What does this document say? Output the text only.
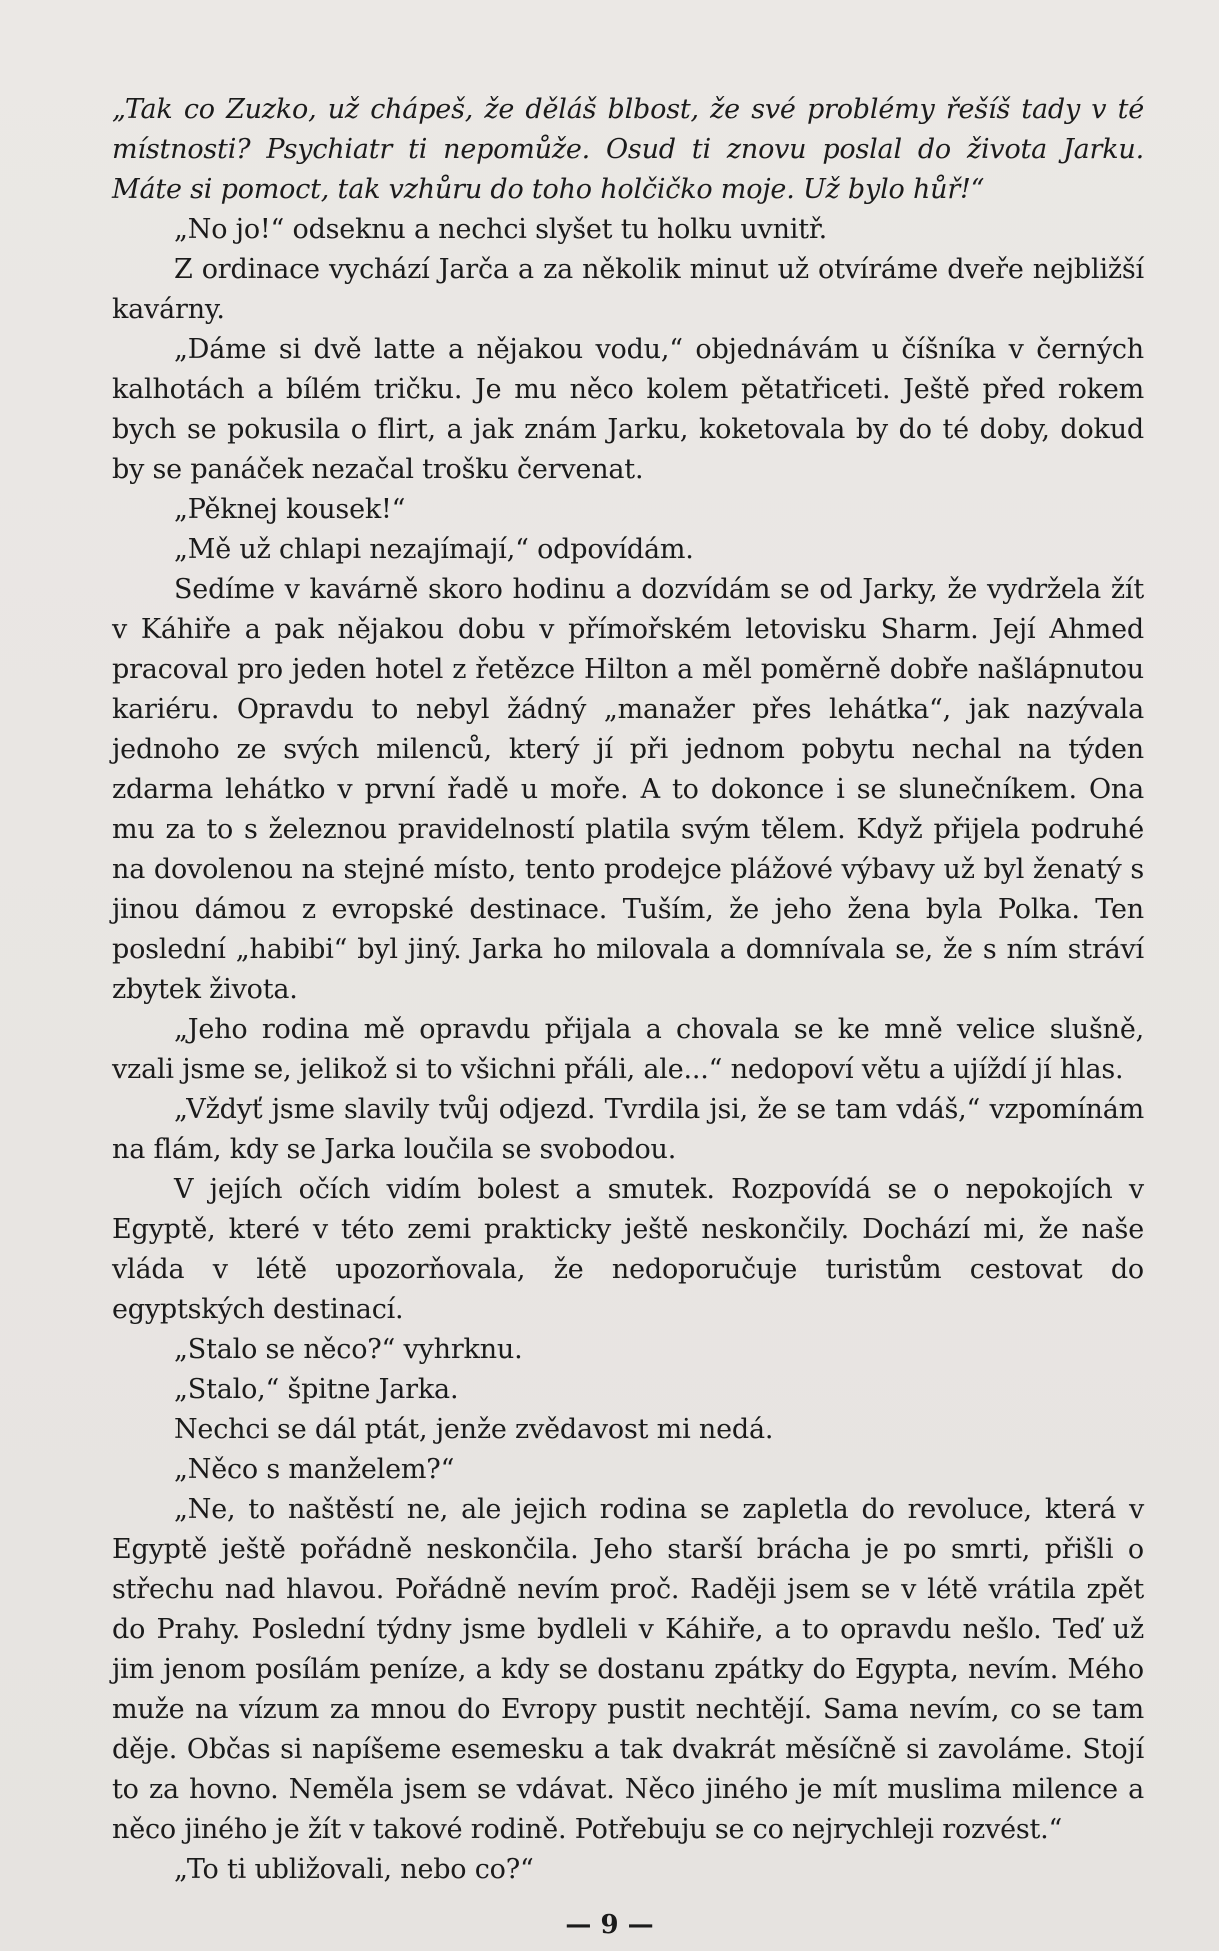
„Tak co Zuzko, už chápeš, že děláš blbost, že své problémy řešíš tady v té místnosti? Psychiatr ti nepomůže. Osud ti znovu poslal do života Jarku. Máte si pomoct, tak vzhůru do toho holčičko moje. Už bylo hůř!“

„No jo!“ odseknu a nechci slyšet tu holku uvnitř.

Z ordinace vychází Jarča a za několik minut už otvíráme dveře nejbližší kavárny.

„Dáme si dvě latte a nějakou vodu,“ objednávám u číšníka v černých kalhotách a bílém tričku. Je mu něco kolem pětatřiceti. Ještě před rokem bych se pokusila o flirt, a jak znám Jarku, koketovala by do té doby, dokud by se panáček nezačal trošku červenat.

„Pěknej kousek!“

„Mě už chlapi nezajímají,“ odpovídám.

Sedíme v kavárně skoro hodinu a dozvídám se od Jarky, že vydržela žít v Káhiře a pak nějakou dobu v přímořském letovisku Sharm. Její Ahmed pracoval pro jeden hotel z řetězce Hilton a měl poměrně dobře našlápnutou kariéru. Opravdu to nebyl žádný „manažer přes lehátka“, jak nazývala jednoho ze svých milenců, který jí při jednom pobytu nechal na týden zdarma lehátko v první řadě u moře. A to dokonce i se slunečníkem. Ona mu za to s železnou pravidelností platila svým tělem. Když přijela podruhé na dovolenou na stejné místo, tento prodejce plážové výbavy už byl ženatý s jinou dámou z evropské destinace. Tuším, že jeho žena byla Polka. Ten poslední „habibi“ byl jiný. Jarka ho milovala a domnívala se, že s ním stráví zbytek života.

„Jeho rodina mě opravdu přijala a chovala se ke mně velice slušně, vzali jsme se, jelikož si to všichni přáli, ale...“ nedopoví větu a ujíždí jí hlas.

„Vždyť jsme slavily tvůj odjezd. Tvrdila jsi, že se tam vdáš,“ vzpomínám na flám, kdy se Jarka loučila se svobodou.

V jejích očích vidím bolest a smutek. Rozpovídá se o nepokojích v Egyptě, které v této zemi prakticky ještě neskončily. Dochází mi, že naše vláda v létě upozorňovala, že nedoporučuje turistům cestovat do egyptských destinací.

„Stalo se něco?“ vyhrknu.

„Stalo,“ špitne Jarka.

Nechci se dál ptát, jenže zvědavost mi nedá.

„Něco s manželem?“

„Ne, to naštěstí ne, ale jejich rodina se zapletla do revoluce, která v Egyptě ještě pořádně neskončila. Jeho starší brácha je po smrti, přišli o střechu nad hlavou. Pořádně nevím proč. Raději jsem se v létě vrátila zpět do Prahy. Poslední týdny jsme bydleli v Káhiře, a to opravdu nešlo. Teď už jim jenom posílám peníze, a kdy se dostanu zpátky do Egypta, nevím. Mého muže na vízum za mnou do Evropy pustit nechtějí. Sama nevím, co se tam děje. Občas si napíšeme esemesku a tak dvakrát měsíčně si zavoláme. Stojí to za hovno. Neměla jsem se vdávat. Něco jiného je mít muslima milence a něco jiného je žít v takové rodině. Potřebuju se co nejrychleji rozvést.“

„To ti ubližovali, nebo co?“

— 9 —
